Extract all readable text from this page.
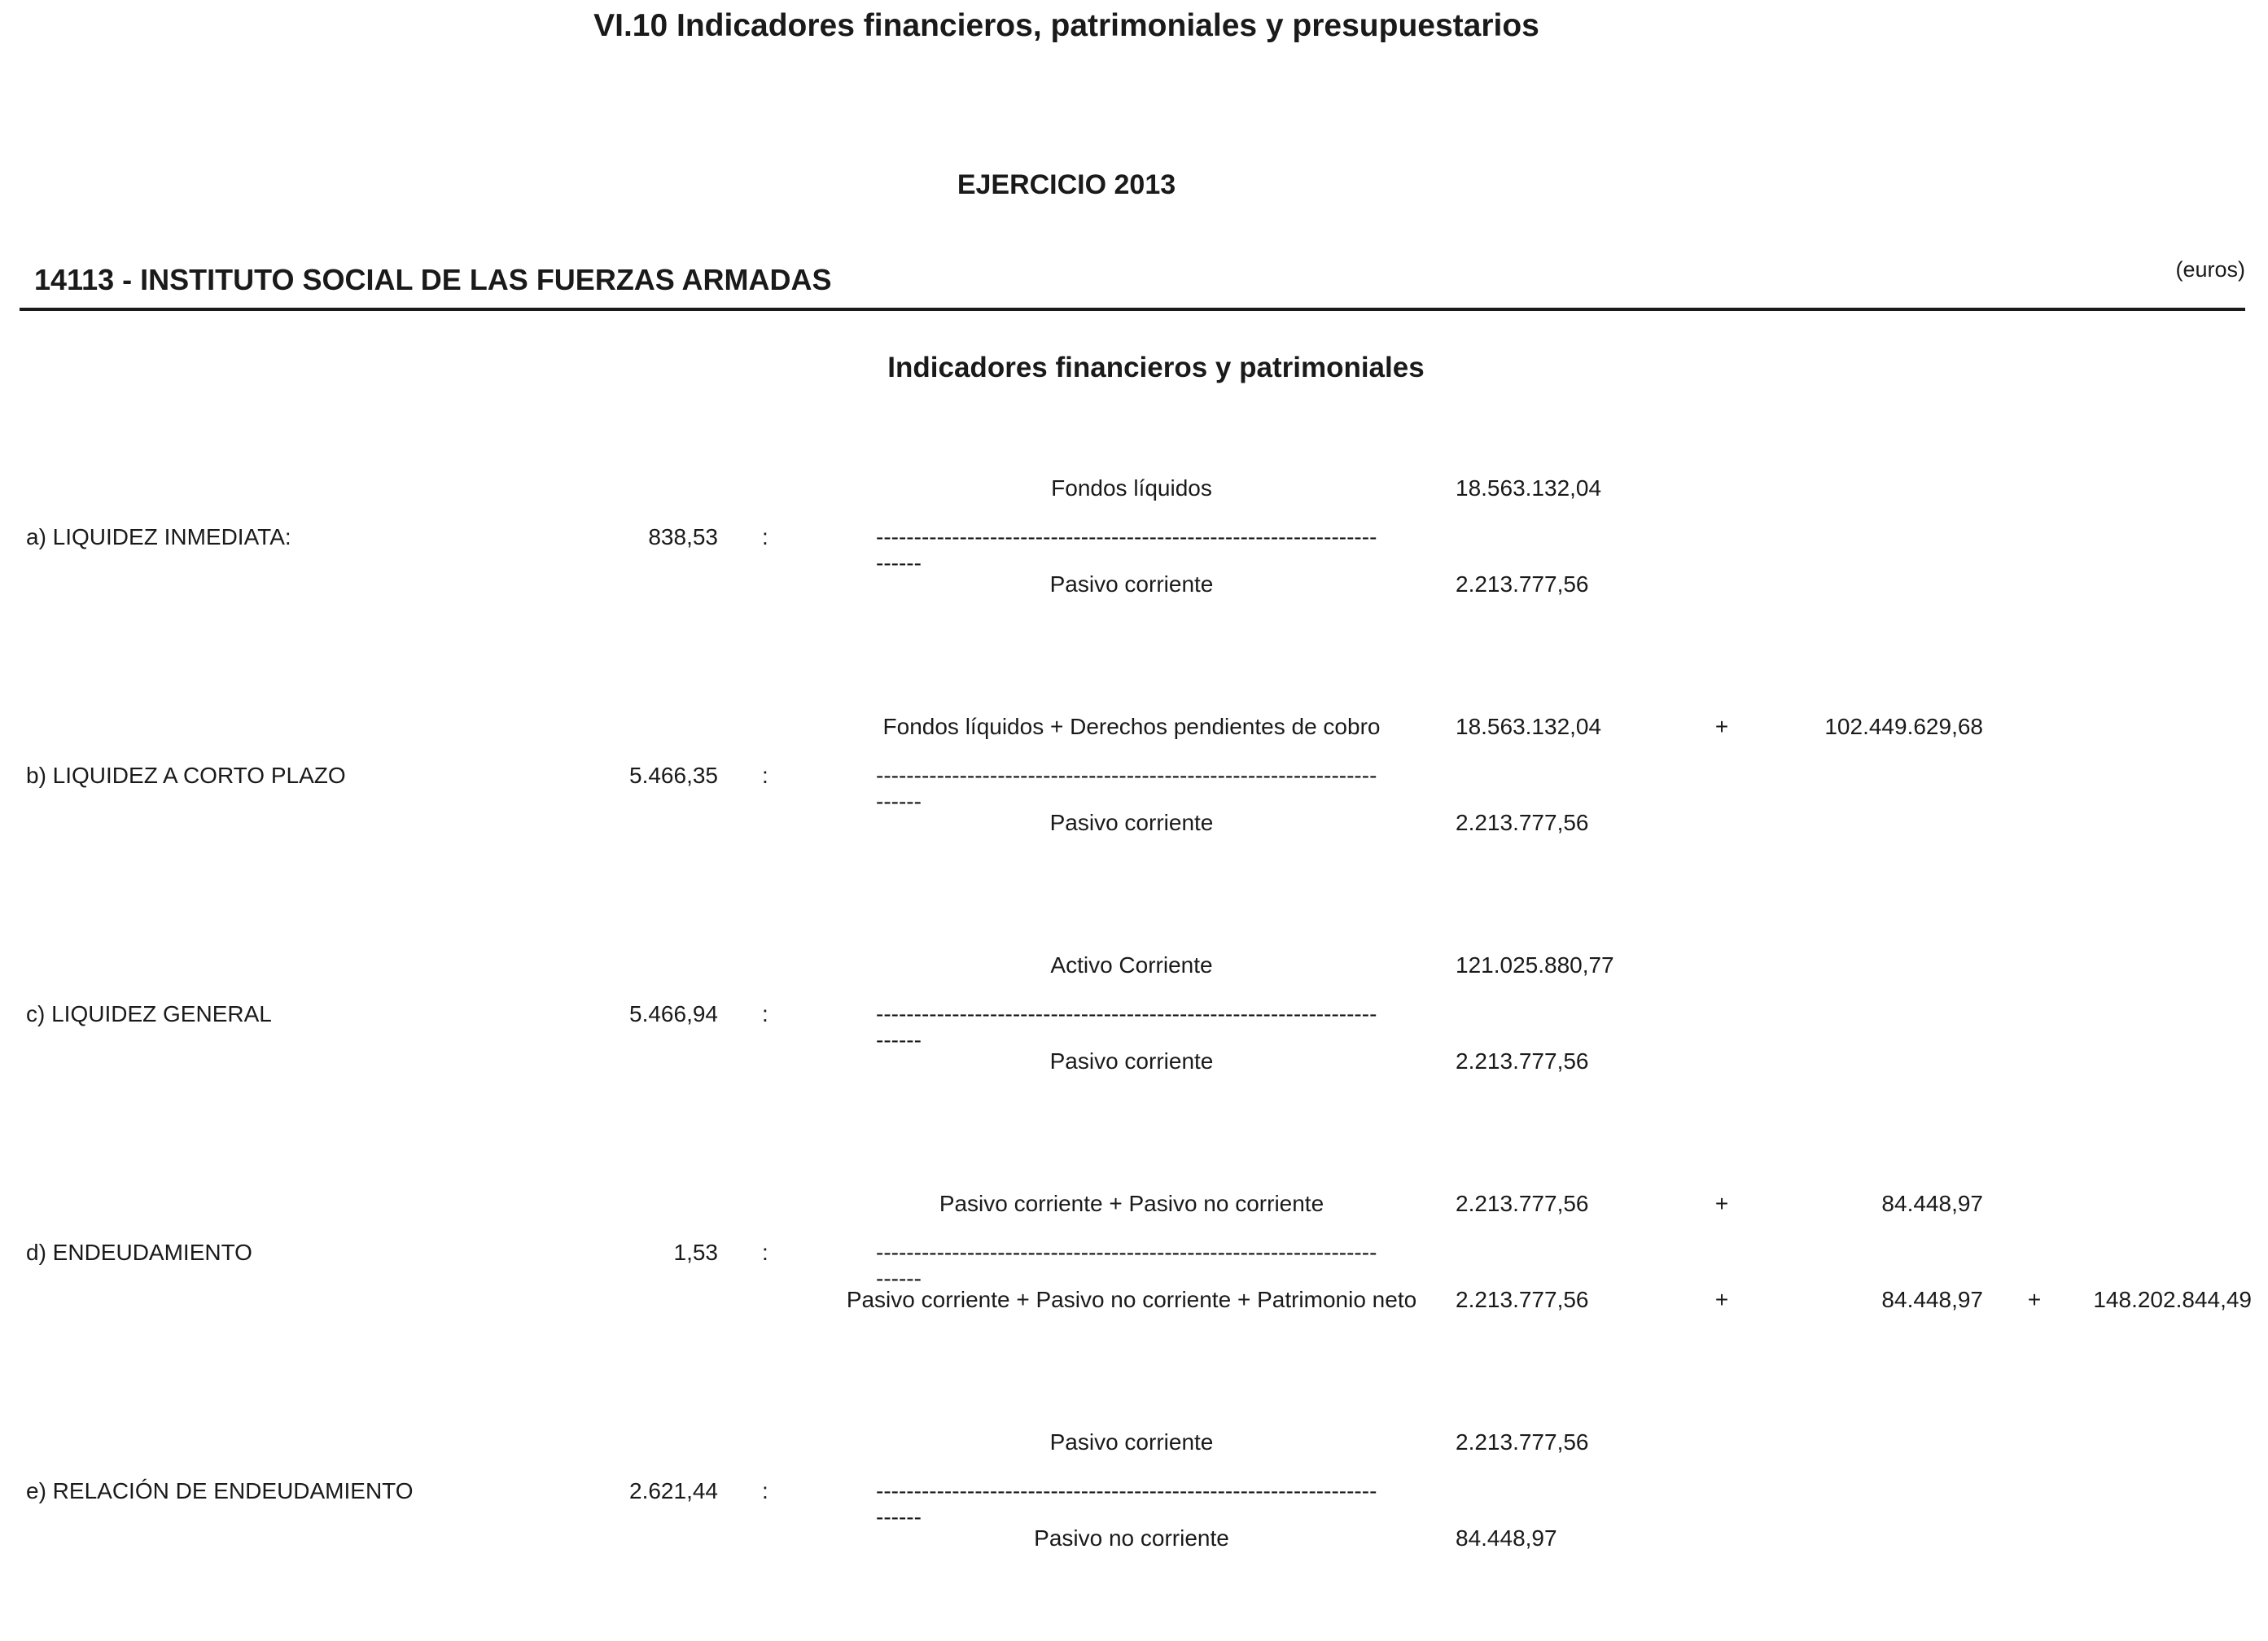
VI.10 Indicadores financieros, patrimoniales y presupuestarios
EJERCICIO 2013
14113 - INSTITUTO SOCIAL DE LAS FUERZAS ARMADAS	(euros)
Indicadores financieros y patrimoniales
a) LIQUIDEZ INMEDIATA:	838,53 :
Fondos líquidos	18.563.132,04
------------------------------------------------------------------------
Pasivo corriente	2.213.777,56
b) LIQUIDEZ A CORTO PLAZO	5.466,35 :
Fondos líquidos + Derechos pendientes de cobro	18.563.132,04	+	102.449.629,68
------------------------------------------------------------------------
Pasivo corriente	2.213.777,56
c) LIQUIDEZ GENERAL	5.466,94 :
Activo Corriente	121.025.880,77
------------------------------------------------------------------------
Pasivo corriente	2.213.777,56
d) ENDEUDAMIENTO	1,53 :
Pasivo corriente + Pasivo no corriente	2.213.777,56	+	84.448,97
------------------------------------------------------------------------
Pasivo corriente + Pasivo no corriente + Patrimonio neto	2.213.777,56	+	84.448,97 +	148.202.844,49
e) RELACIÓN DE ENDEUDAMIENTO	2.621,44 :
Pasivo corriente	2.213.777,56
------------------------------------------------------------------------
Pasivo no corriente	84.448,97
